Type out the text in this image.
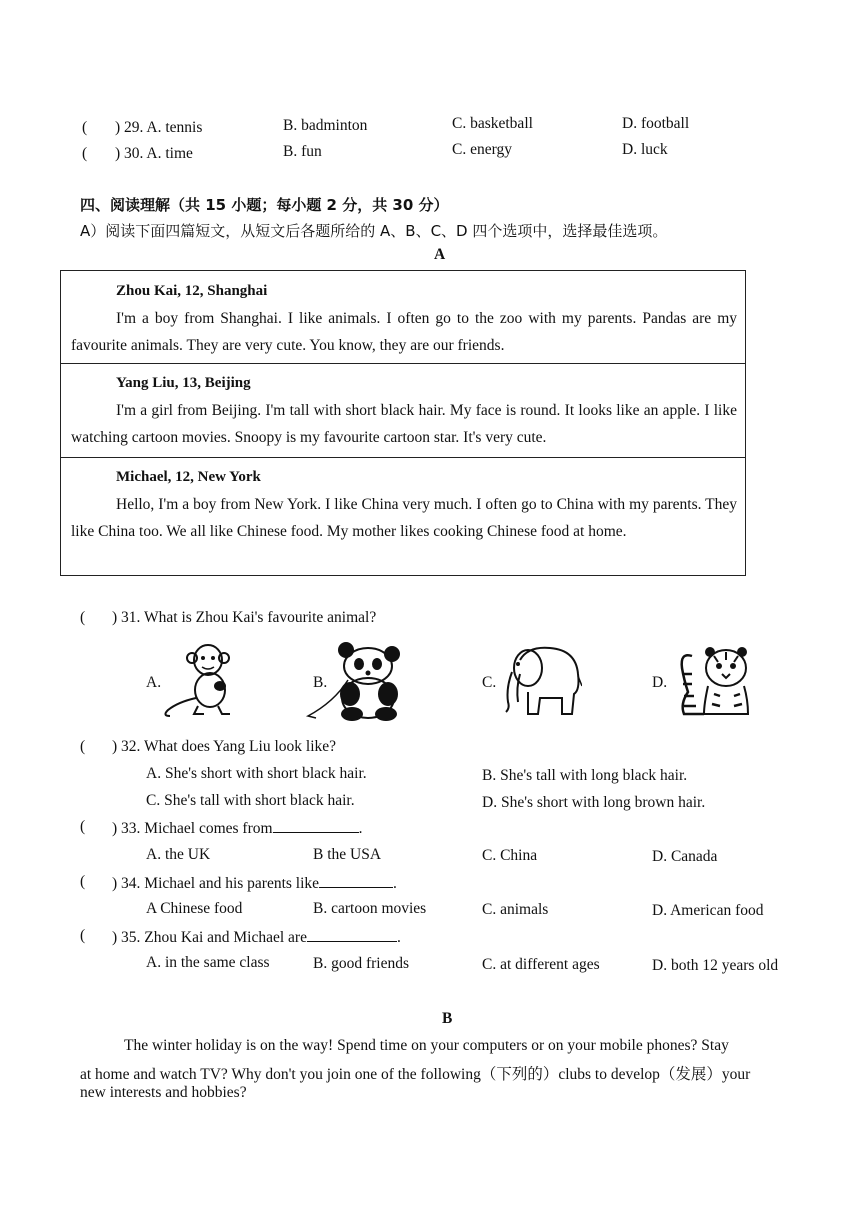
( ) 29. A. tennis	B. badminton	C. basketball	D. football
( ) 30. A. time	B. fun	C. energy	D. luck
四、阅读理解（共 15 小题；每小题 2 分，共 30 分）
A）阅读下面四篇短文，从短文后各题所给的 A、B、C、D 四个选项中，选择最佳选项。
A
Zhou Kai, 12, Shanghai
I'm a boy from Shanghai. I like animals. I often go to the zoo with my parents. Pandas are my favourite animals. They are very cute. You know, they are our friends.
Yang Liu, 13, Beijing
I'm a girl from Beijing. I'm tall with short black hair. My face is round. It looks like an apple. I like watching cartoon movies. Snoopy is my favourite cartoon star. It's very cute.
Michael, 12, New York
Hello, I'm a boy from New York. I like China very much. I often go to China with my parents. They like China too. We all like Chinese food. My mother likes cooking Chinese food at home.
( ) 31. What is Zhou Kai's favourite animal?
A.	B.	C.	D.
( ) 32. What does Yang Liu look like?
A. She's short with short black hair.	B. She's tall with long black hair.
C. She's tall with short black hair.	D. She's short with long brown hair.
( ) 33. Michael comes from	.
A. the UK	B the USA	C. China	D. Canada
( ) 34. Michael and his parents like	.
A Chinese food	B. cartoon movies	C. animals	D. American food
( ) 35. Zhou Kai and Michael are	.
A. in the same class	B. good friends	C. at different ages	D. both 12 years old
B
The winter holiday is on the way! Spend time on your computers or on your mobile phones? Stay
at home and watch TV? Why don't you join one of the following（下列的）clubs to develop（发展）your
new interests and hobbies?
